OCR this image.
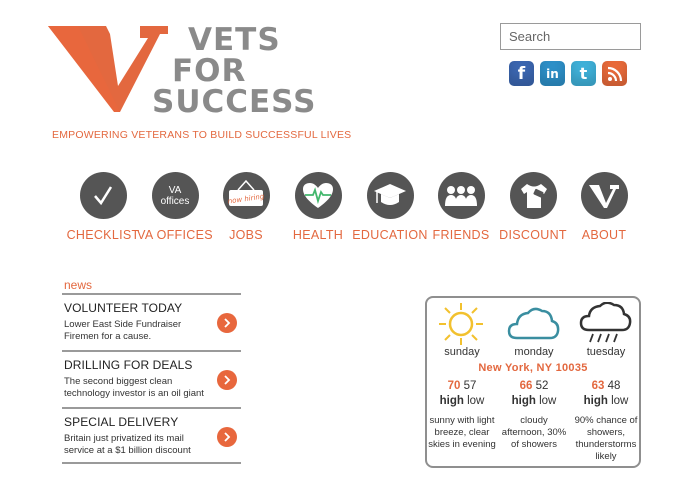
VETS
FOR
SUCCESS
EMPOWERING VETERANS TO BUILD SUCCESSFUL LIVES
Search
f in t
CHECKLIST
VA
offices
VA OFFICES
now hiring
JOBS	HEALTH EDUCATION FRIENDS DISCOUNT	ABOUT
news
VOLUNTEER TODAY
Lower East Side Fundraiser Firemen for a cause.
DRILLING FOR DEALS
The second biggest clean technology investor is an oil giant
SPECIAL DELIVERY
Britain just privatized its mail service at a $1 billion discount
sunday	monday	tuesday
New York, NY 10035
70 57	66 52	63 48
high low	high low	high low
sunny with light breeze, clear skies in evening
cloudy afternoon, 30% of showers
90% chance of showers, thunderstorms likely
